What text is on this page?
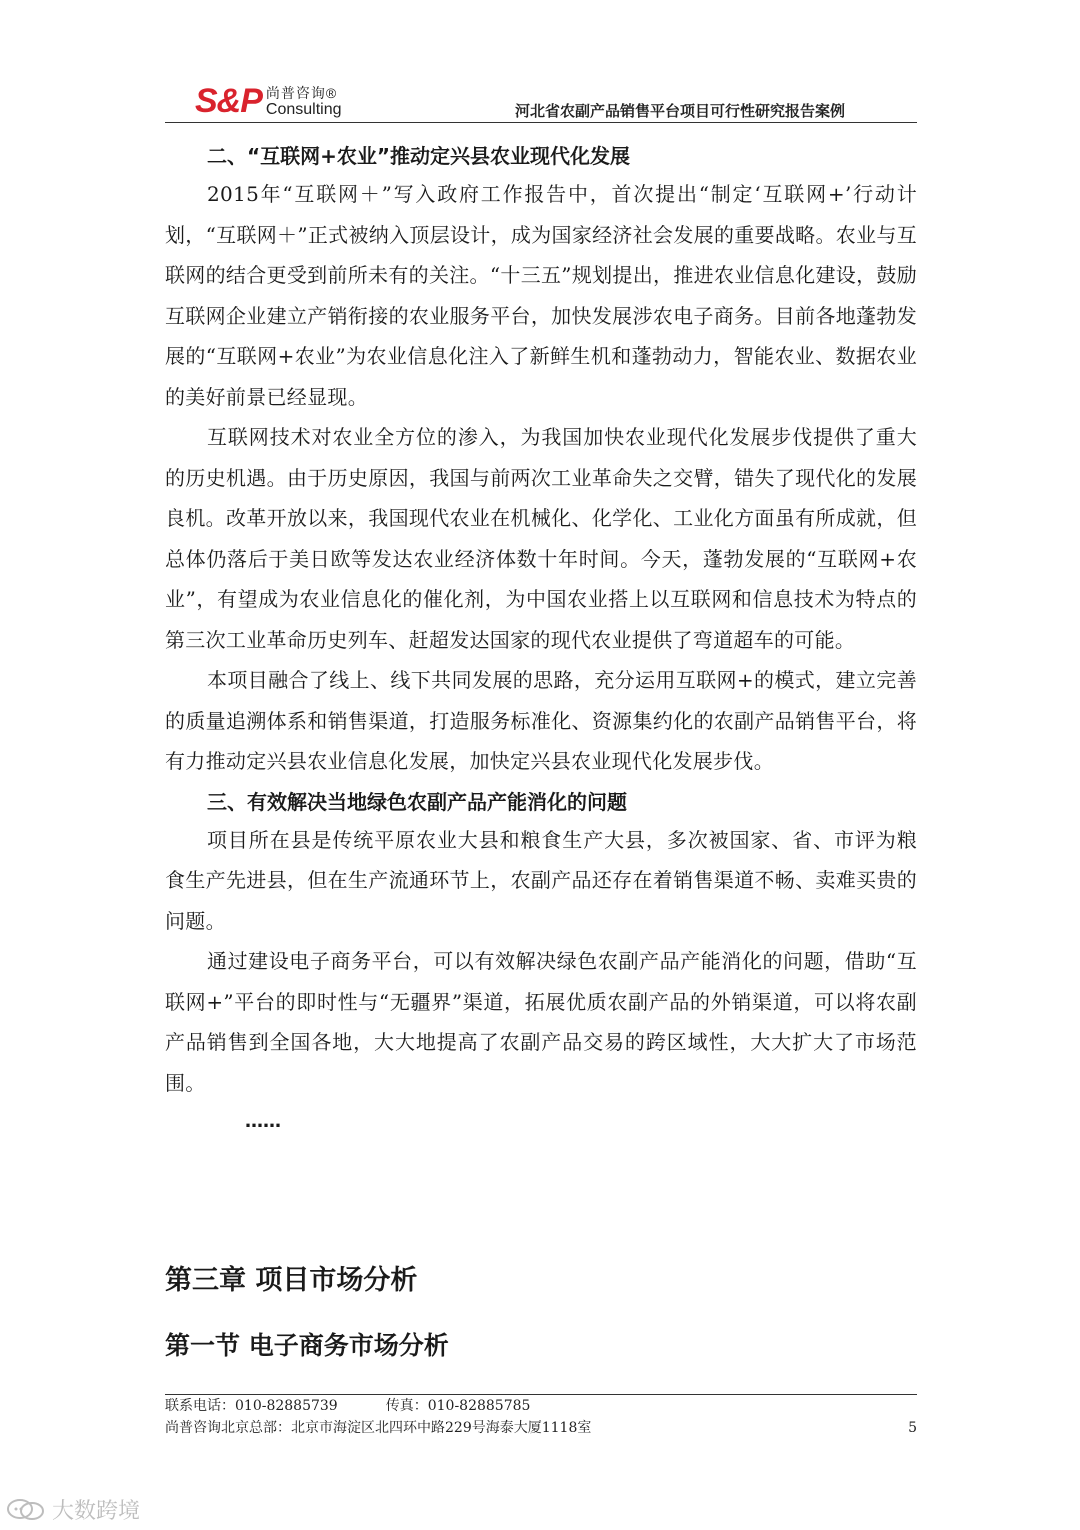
S&P 尚普咨询®
Consulting	河北省农副产品销售平台项目可行性研究报告案例

二、“互联网+农业”推动定兴县农业现代化发展

2015年“互联网＋”写入政府工作报告中，首次提出“制定‘互联网+’行动计划，“互联网＋”正式被纳入顶层设计，成为国家经济社会发展的重要战略。农业与互联网的结合更受到前所未有的关注。“十三五”规划提出，推进农业信息化建设，鼓励互联网企业建立产销衔接的农业服务平台，加快发展涉农电子商务。目前各地蓬勃发展的“互联网+农业”为农业信息化注入了新鲜生机和蓬勃动力，智能农业、数据农业的美好前景已经显现。

互联网技术对农业全方位的渗入，为我国加快农业现代化发展步伐提供了重大的历史机遇。由于历史原因，我国与前两次工业革命失之交臂，错失了现代化的发展良机。改革开放以来，我国现代农业在机械化、化学化、工业化方面虽有所成就，但总体仍落后于美日欧等发达农业经济体数十年时间。今天，蓬勃发展的“互联网+农业”，有望成为农业信息化的催化剂，为中国农业搭上以互联网和信息技术为特点的第三次工业革命历史列车、赶超发达国家的现代农业提供了弯道超车的可能。

本项目融合了线上、线下共同发展的思路，充分运用互联网+的模式，建立完善的质量追溯体系和销售渠道，打造服务标准化、资源集约化的农副产品销售平台，将有力推动定兴县农业信息化发展，加快定兴县农业现代化发展步伐。

三、有效解决当地绿色农副产品产能消化的问题

项目所在县是传统平原农业大县和粮食生产大县，多次被国家、省、市评为粮食生产先进县，但在生产流通环节上，农副产品还存在着销售渠道不畅、卖难买贵的问题。

通过建设电子商务平台，可以有效解决绿色农副产品产能消化的问题，借助“互联网+”平台的即时性与“无疆界”渠道，拓展优质农副产品的外销渠道，可以将农副产品销售到全国各地，大大地提高了农副产品交易的跨区域性，大大扩大了市场范围。

……

第三章 项目市场分析

第一节 电子商务市场分析

联系电话：010-82885739	传真：010-82885785
尚普咨询北京总部：北京市海淀区北四环中路229号海泰大厦1118室	5
大数跨境
